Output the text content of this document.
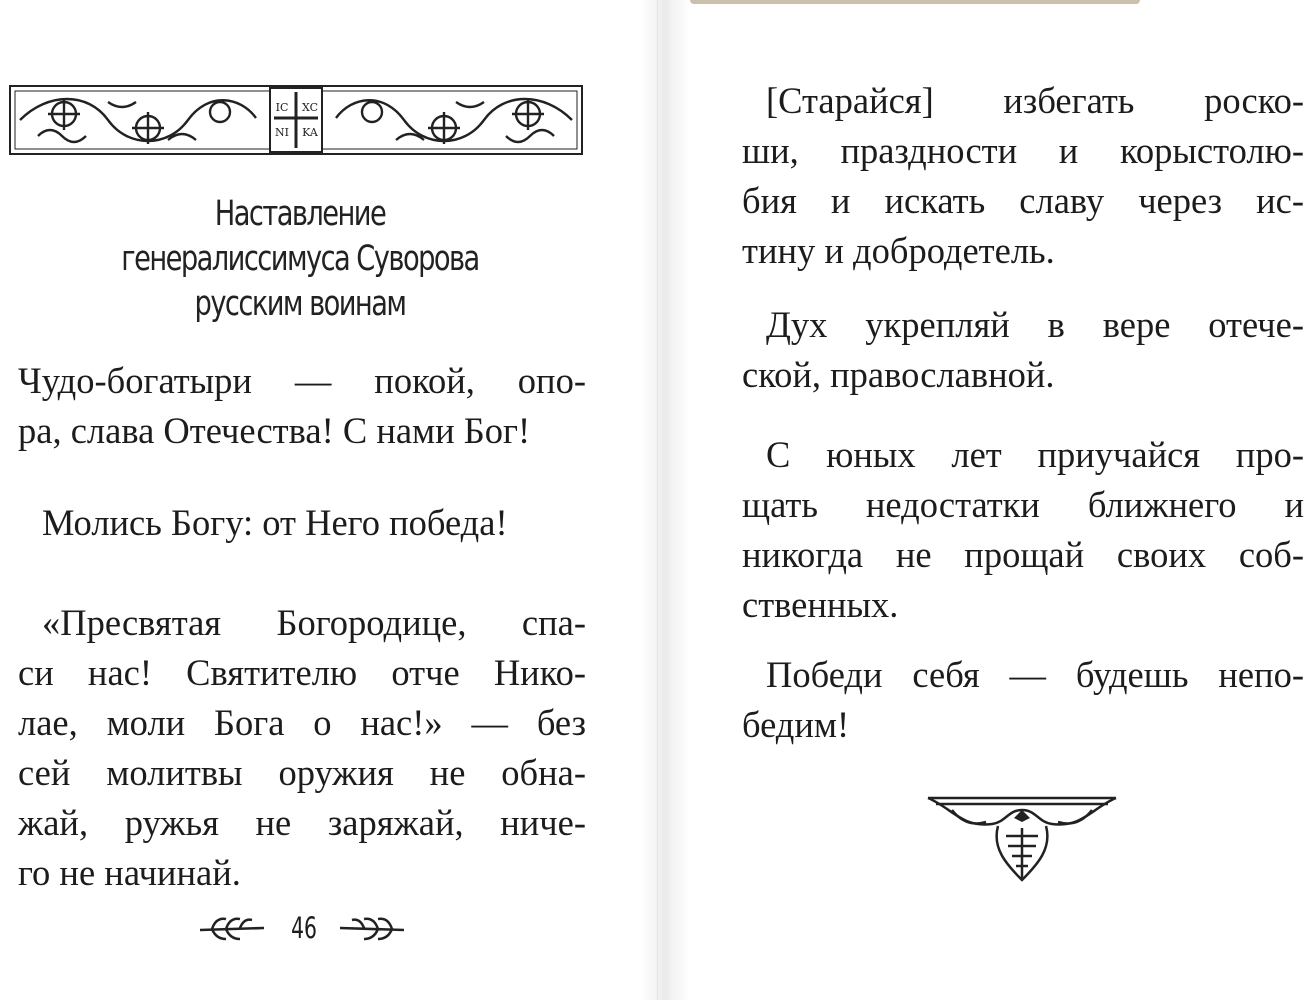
IC XC
NI KA
Наставление
генералиссимуса Суворова
русским воинам

Чудо-богатыри — покой, опо-
ра, слава Отечества! С нами Бог!

Молись Богу: от Него победа!

«Пресвятая Богородице, спа-
си нас! Святителю отче Нико-
лае, моли Бога о нас!» — без
сей молитвы оружия не обна-
жай, ружья не заряжай, ниче-
го не начинай.

46

[Старайся] избегать роско-
ши, праздности и корыстолю-
бия и искать славу через ис-
тину и добродетель.

Дух укрепляй в вере отече-
ской, православной.

С юных лет приучайся про-
щать недостатки ближнего и
никогда не прощай своих соб-
ственных.

Победи себя — будешь непо-
бедим!
